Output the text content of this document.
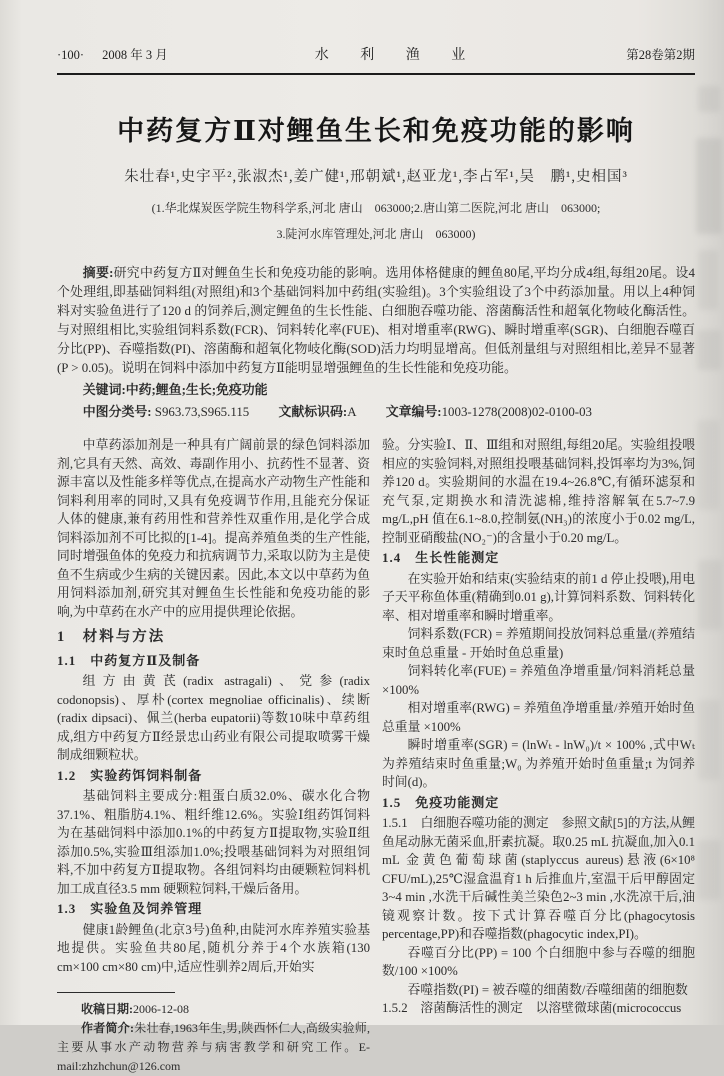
·100· 2008 年 3 月	水 利 渔 业	第28卷第2期
中药复方Ⅱ对鲤鱼生长和免疫功能的影响
朱壮春¹,史宇平²,张淑杰¹,姜广健¹,邢朝斌¹,赵亚龙¹,李占军¹,吴　鹏¹,史相国³
(1.华北煤炭医学院生物科学系,河北 唐山　063000;2.唐山第二医院,河北 唐山　063000;
3.陡河水库管理处,河北 唐山　063000)
摘要:研究中药复方Ⅱ对鲤鱼生长和免疫功能的影响。选用体格健康的鲤鱼80尾,平均分成4组,每组20尾。设4个处理组,即基础饲料组(对照组)和3个基础饲料加中药组(实验组)。3个实验组设了3个中药添加量。用以上4种饲料对实验鱼进行了120 d 的饲养后,测定鲤鱼的生长性能、白细胞吞噬功能、溶菌酶活性和超氧化物岐化酶活性。与对照组相比,实验组饲料系数(FCR)、饲料转化率(FUE)、相对增重率(RWG)、瞬时增重率(SGR)、白细胞吞噬百分比(PP)、吞噬指数(PI)、溶菌酶和超氧化物岐化酶(SOD)活力均明显增高。但低剂量组与对照组相比,差异不显著(P > 0.05)。说明在饲料中添加中药复方Ⅱ能明显增强鲤鱼的生长性能和免疫功能。
关键词:中药;鲤鱼;生长;免疫功能
中图分类号: S963.73,S965.115 文献标识码:A 文章编号:1003-1278(2008)02-0100-03

中草药添加剂是一种具有广阔前景的绿色饲料添加剂,它具有天然、高效、毒副作用小、抗药性不显著、资源丰富以及性能多样等优点,在提高水产动物生产性能和饲料利用率的同时,又具有免疫调节作用,且能充分保证人体的健康,兼有药用性和营养性双重作用,是化学合成饲料添加剂不可比拟的[1-4]。提高养殖鱼类的生产性能,同时增强鱼体的免疫力和抗病调节力,采取以防为主是使鱼不生病或少生病的关键因素。因此,本文以中草药为鱼用饲料添加剂,研究其对鲤鱼生长性能和免疫功能的影响,为中草药在水产中的应用提供理论依据。

1　材料与方法

1.1　中药复方Ⅱ及制备

组方由黄芪(radix astragali)、党参(radix codonopsis)、厚朴(cortex megnoliae officinalis)、续断(radix dipsaci)、佩兰(herba eupatorii)等数10味中草药组成,组方中药复方Ⅱ经景忠山药业有限公司提取喷雾干燥制成细颗粒状。

1.2　实验药饵饲料制备

基础饲料主要成分:粗蛋白质32.0%、碳水化合物37.1%、粗脂肪4.1%、粗纤维12.6%。实验Ⅰ组药饵饲料为在基础饲料中添加0.1%的中药复方Ⅱ提取物,实验Ⅱ组添加0.5%,实验Ⅲ组添加1.0%;投喂基础饲料为对照组饲料,不加中药复方Ⅱ提取物。各组饲料均由硬颗粒饲料机加工成直径3.5 mm 硬颗粒饲料,干燥后备用。

1.3　实验鱼及饲养管理

健康1龄鲤鱼(北京3号)鱼种,由陡河水库养殖实验基地提供。实验鱼共80尾,随机分养于4个水族箱(130 cm×100 cm×80 cm)中,适应性驯养2周后,开始实

收稿日期:2006-12-08

作者简介:朱壮春,1963年生,男,陕西怀仁人,高级实验师,主要从事水产动物营养与病害教学和研究工作。E-mail:zhzhchun@126.com

验。分实验Ⅰ、Ⅱ、Ⅲ组和对照组,每组20尾。实验组投喂相应的实验饲料,对照组投喂基础饲料,投饵率均为3%,饲养120 d。实验期间的水温在19.4~26.8℃,有循环滤泵和充气泵,定期换水和清洗滤棉,维持溶解氧在5.7~7.9 mg/L,pH 值在6.1~8.0,控制氨(NH₃)的浓度小于0.02 mg/L,控制亚硝酸盐(NO₂⁻)的含量小于0.20 mg/L。

1.4　生长性能测定

在实验开始和结束(实验结束的前1 d 停止投喂),用电子天平称鱼体重(精确到0.01 g),计算饲料系数、饲料转化率、相对增重率和瞬时增重率。

饲料系数(FCR) = 养殖期间投放饲料总重量/(养殖结束时鱼总重量 - 开始时鱼总重量)

饲料转化率(FUE) = 养殖鱼净增重量/饲料消耗总量 ×100%

相对增重率(RWG) = 养殖鱼净增重量/养殖开始时鱼总重量 ×100%

瞬时增重率(SGR) = (lnWₜ - lnW₀)/t × 100% ,式中Wₜ为养殖结束时鱼重量;W₀ 为养殖开始时鱼重量;t 为饲养时间(d)。

1.5　免疫功能测定

1.5.1　白细胞吞噬功能的测定　参照文献[5]的方法,从鲤鱼尾动脉无菌采血,肝素抗凝。取0.25 mL 抗凝血,加入0.1 mL 金黄色葡萄球菌(staplyccus aureus)悬液(6×10⁸ CFU/mL),25℃湿盒温育1 h 后推血片,室温干后甲醇固定3~4 min ,水洗干后碱性美兰染色2~3 min ,水洗凉干后,油镜观察计数。按下式计算吞噬百分比(phagocytosis percentage,PP)和吞噬指数(phagocytic index,PI)。

吞噬百分比(PP) = 100 个白细胞中参与吞噬的细胞数/100 ×100%

吞噬指数(PI) = 被吞噬的细菌数/吞噬细菌的细胞数

1.5.2　溶菌酶活性的测定　以溶壁微球菌(micrococcus
